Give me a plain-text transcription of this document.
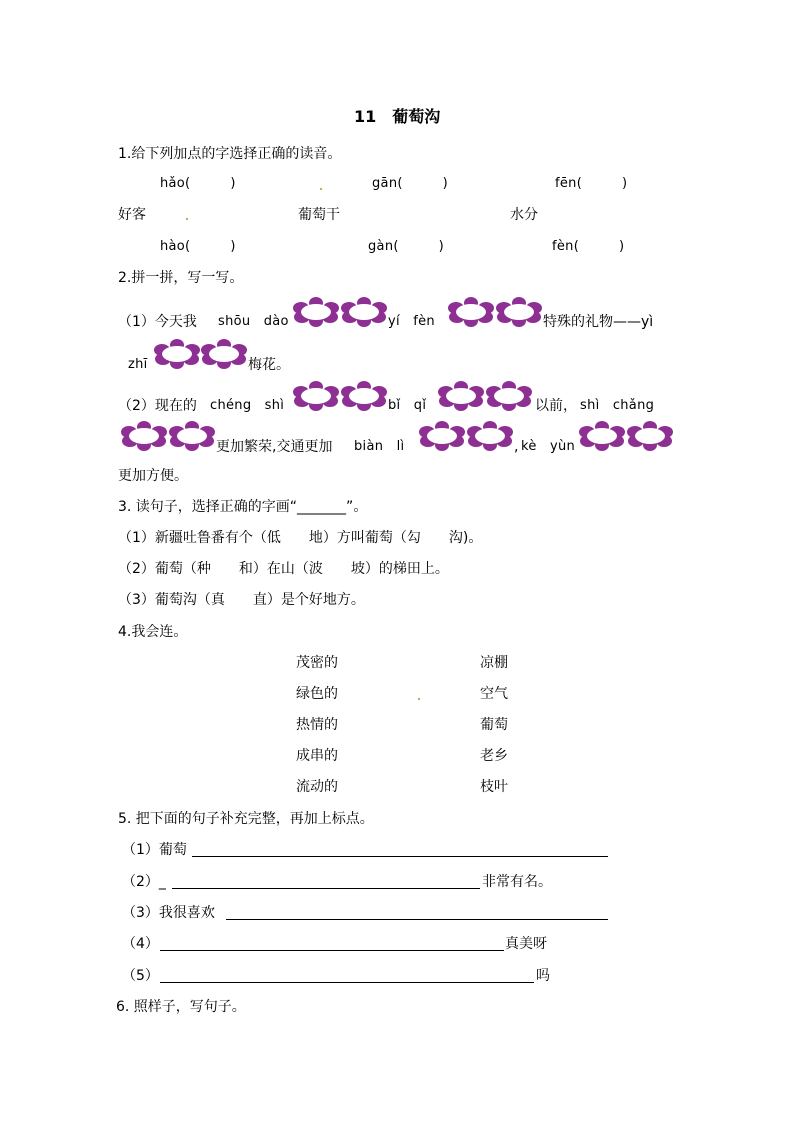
11　葡萄沟
1.给下列加点的字选择正确的读音。
hǎo(　　　)	gān(　　　)	fēn(　　　)
好客	葡萄干	水分
hào(　　　)	gàn(　　　)	fèn(　　　)
2.拼一拼，写一写。
（1）今天我 shōu　dào	yí　fèn	特殊的礼物——yì
zhī	梅花。
（2）现在的 chéng　shì	bǐ　qǐ	以前， shì　chǎng
更加繁荣,交通更加 biàn　lì	, kè　yùn
更加方便。
3. 读句子，选择正确的字画“_______”。
（1）新疆吐鲁番有个（低　　地）方叫葡萄（勾　　沟)。
（2）葡萄（种　　和）在山（波　　坡）的梯田上。
（3）葡萄沟（真　　直）是个好地方。
4.我会连。
茂密的	凉棚
绿色的	空气
热情的	葡萄
成串的	老乡
流动的	枝叶
5. 把下面的句子补充完整，再加上标点。
（1）葡萄
（2）_	非常有名。
（3）我很喜欢
（4）	真美呀
（5）	吗
6. 照样子，写句子。
